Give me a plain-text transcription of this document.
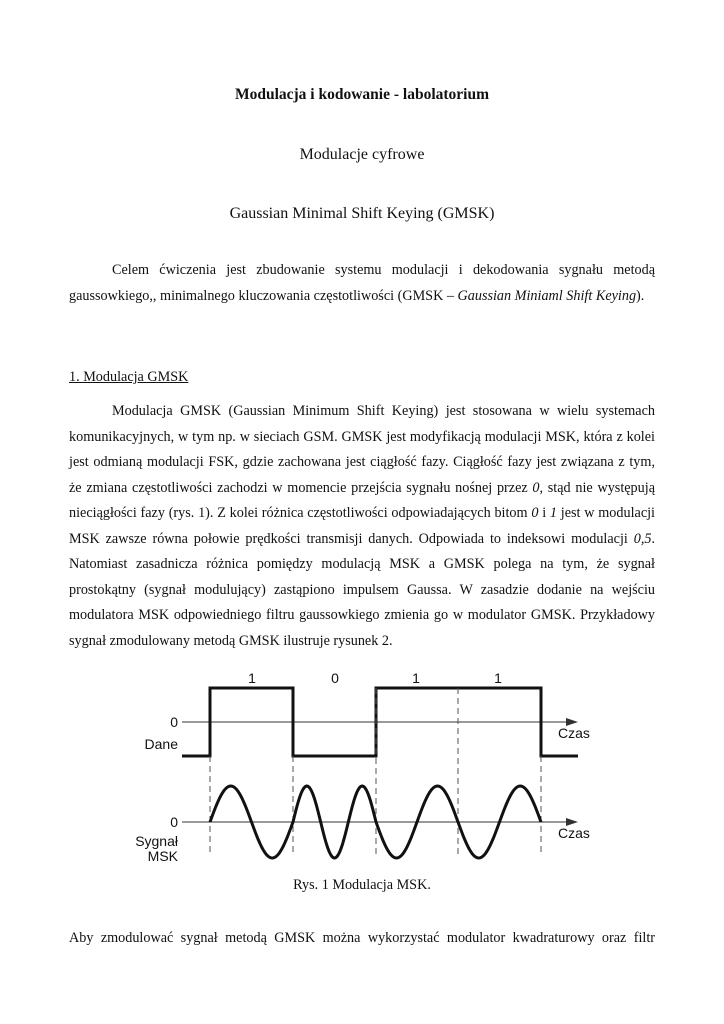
Modulacja i kodowanie - labolatorium
Modulacje cyfrowe
Gaussian Minimal Shift Keying (GMSK)

Celem ćwiczenia jest zbudowanie systemu modulacji i dekodowania sygnału metodą gaussowkiego,, minimalnego kluczowania częstotliwości (GMSK – Gaussian Miniaml Shift Keying).

1. Modulacja GMSK

Modulacja GMSK (Gaussian Minimum Shift Keying) jest stosowana w wielu systemach komunikacyjnych, w tym np. w sieciach GSM. GMSK jest modyfikacją modulacji MSK, która z kolei jest odmianą modulacji FSK, gdzie zachowana jest ciągłość fazy. Ciągłość fazy jest związana z tym, że zmiana częstotliwości zachodzi w momencie przejścia sygnału nośnej przez 0, stąd nie występują nieciągłości fazy (rys. 1). Z kolei różnica częstotliwości odpowiadających bitom 0 i 1 jest w modulacji MSK zawsze równa połowie prędkości transmisji danych. Odpowiada to indeksowi modulacji 0,5. Natomiast zasadnicza różnica pomiędzy modulacją MSK a GMSK polega na tym, że sygnał prostokątny (sygnał modulujący) zastąpiono impulsem Gaussa. W zasadzie dodanie na wejściu modulatora MSK odpowiedniego filtru gaussowkiego zmienia go w modulator GMSK. Przykładowy sygnał zmodulowany metodą GMSK ilustruje rysunek 2.

1	0	1	1
0
Dane
0
Sygnał
MSK
Czas
Czas
Rys. 1 Modulacja MSK.

Aby zmodulować sygnał metodą GMSK można wykorzystać modulator kwadraturowy oraz filtr
